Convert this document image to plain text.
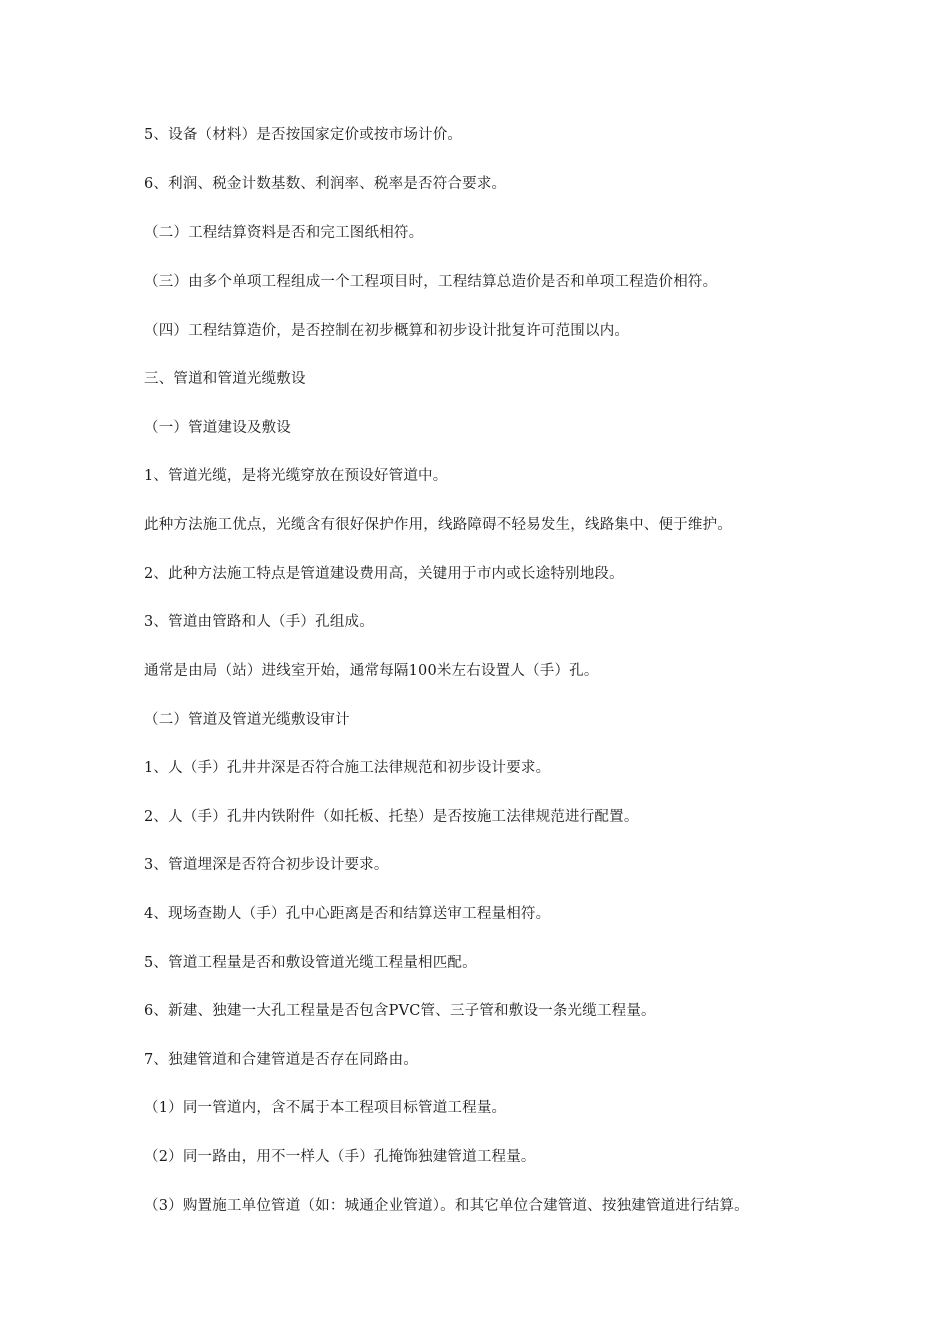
5、设备（材料）是否按国家定价或按市场计价。
6、利润、税金计数基数、利润率、税率是否符合要求。
（二）工程结算资料是否和完工图纸相符。
（三）由多个单项工程组成一个工程项目时，工程结算总造价是否和单项工程造价相符。
（四）工程结算造价，是否控制在初步概算和初步设计批复许可范围以内。
三、管道和管道光缆敷设
（一）管道建设及敷设
1、管道光缆，是将光缆穿放在预设好管道中。
此种方法施工优点，光缆含有很好保护作用，线路障碍不轻易发生，线路集中、便于维护。
2、此种方法施工特点是管道建设费用高，关键用于市内或长途特别地段。
3、管道由管路和人（手）孔组成。
通常是由局（站）进线室开始，通常每隔100米左右设置人（手）孔。
（二）管道及管道光缆敷设审计
1、人（手）孔井井深是否符合施工法律规范和初步设计要求。
2、人（手）孔井内铁附件（如托板、托垫）是否按施工法律规范进行配置。
3、管道埋深是否符合初步设计要求。
4、现场查勘人（手）孔中心距离是否和结算送审工程量相符。
5、管道工程量是否和敷设管道光缆工程量相匹配。
6、新建、独建一大孔工程量是否包含PVC管、三子管和敷设一条光缆工程量。
7、独建管道和合建管道是否存在同路由。
（1）同一管道内，含不属于本工程项目标管道工程量。
（2）同一路由，用不一样人（手）孔掩饰独建管道工程量。
（3）购置施工单位管道（如：城通企业管道）。和其它单位合建管道、按独建管道进行结算。
